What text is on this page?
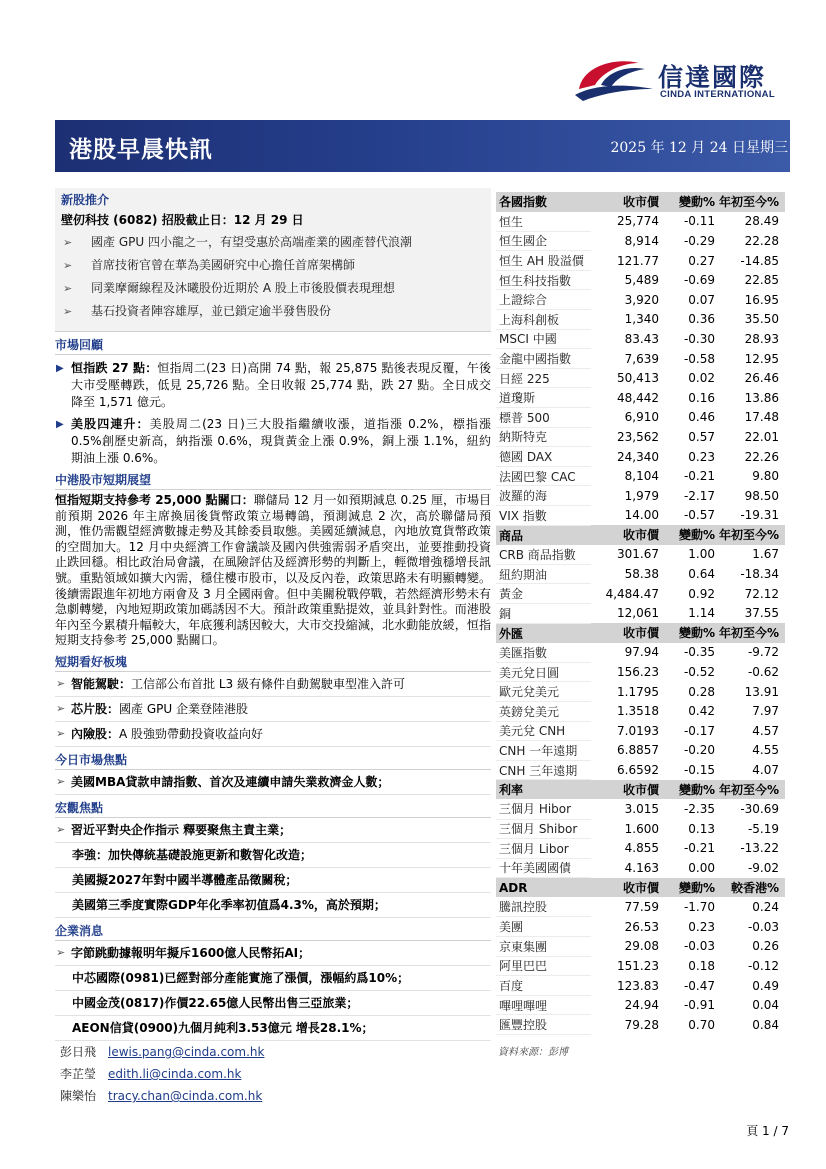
信達國際
CINDA INTERNATIONAL
港股早晨快訊	2025 年 12 月 24 日星期三
新股推介
壁仞科技 (6082) 招股截止日：12 月 29 日
➢ 國產 GPU 四小龍之一，有望受惠於高端產業的國產替代浪潮
➢ 首席技術官曾在華為美國研究中心擔任首席架構師
➢ 同業摩爾線程及沐曦股份近期於 A 股上市後股價表現理想
➢ 基石投資者陣容雄厚，並已鎖定逾半發售股份
市場回顧
▶ 恒指跌 27 點：恒指周二(23 日)高開 74 點，報 25,875 點後表現反覆，午後大市受壓轉跌，低見 25,726 點。全日收報 25,774 點，跌 27 點。全日成交降至 1,571 億元。
▶ 美股四連升：美股周二(23 日)三大股指繼續收漲，道指漲 0.2%，標指漲 0.5%創歷史新高，納指漲 0.6%，現貨黃金上漲 0.9%，銅上漲 1.1%，紐約期油上漲 0.6%。
中港股市短期展望
恒指短期支持參考 25,000 點關口：聯儲局 12 月一如預期減息 0.25 厘，市場目前預期 2026 年主席換屆後貨幣政策立場轉鴿，預測減息 2 次，高於聯儲局預測，惟仍需觀望經濟數據走勢及其餘委員取態。美國延續減息，內地放寬貨幣政策的空間加大。12 月中央經濟工作會議談及國內供強需弱矛盾突出，並要推動投資止跌回穩。相比政治局會議，在風險評估及經濟形勢的判斷上，輕微增強穩增長訊號。重點領域如擴大內需，穩住樓市股市，以及反內卷，政策思路未有明顯轉變。後續需跟進年初地方兩會及 3 月全國兩會。但中美關稅戰停戰，若然經濟形勢未有急劇轉變，內地短期政策加碼誘因不大。預計政策重點提效，並具針對性。而港股年內至今累積升幅較大，年底獲利誘因較大，大市交投縮減，北水動能放緩，恒指短期支持參考 25,000 點關口。
短期看好板塊
➢ 智能駕駛：工信部公布首批 L3 級有條件自動駕駛車型准入許可
➢ 芯片股：國產 GPU 企業登陸港股
➢ 內險股：A 股強勁帶動投資收益向好
今日市場焦點
➢ 美國MBA貸款申請指數、首次及連續申請失業救濟金人數；
宏觀焦點
➢ 習近平對央企作指示 釋要聚焦主責主業；
李強：加快傳統基礎設施更新和數智化改造；
美國擬2027年對中國半導體產品徵關稅；
美國第三季度實際GDP年化季率初值爲4.3%，高於預期；
企業消息
➢ 字節跳動據報明年擬斥1600億人民幣拓AI；
中芯國際(0981)已經對部分產能實施了漲價，漲幅約爲10%；
中國金茂(0817)作價22.65億人民幣出售三亞旅業；
AEON信貸(0900)九個月純利3.53億元 增長28.1%；
彭日飛 lewis.pang@cinda.com.hk
李芷瑩 edith.li@cinda.com.hk
陳樂怡 tracy.chan@cinda.com.hk
各國指數	收市價	變動%	年初至今%
恒生	25,774	-0.11	28.49
恒生國企	8,914	-0.29	22.28
恒生 AH 股溢價	121.77	0.27	-14.85
恒生科技指數	5,489	-0.69	22.85
上證綜合	3,920	0.07	16.95
上海科創板	1,340	0.36	35.50
MSCI 中國	83.43	-0.30	28.93
金龍中國指數	7,639	-0.58	12.95
日經 225	50,413	0.02	26.46
道瓊斯	48,442	0.16	13.86
標普 500	6,910	0.46	17.48
納斯特克	23,562	0.57	22.01
德國 DAX	24,340	0.23	22.26
法國巴黎 CAC	8,104	-0.21	9.80
波羅的海	1,979	-2.17	98.50
VIX 指數	14.00	-0.57	-19.31
商品	收市價	變動%	年初至今%
CRB 商品指數	301.67	1.00	1.67
紐約期油	58.38	0.64	-18.34
黃金	4,484.47	0.92	72.12
銅	12,061	1.14	37.55
外匯	收市價	變動%	年初至今%
美匯指數	97.94	-0.35	-9.72
美元兌日圓	156.23	-0.52	-0.62
歐元兌美元	1.1795	0.28	13.91
英鎊兌美元	1.3518	0.42	7.97
美元兌 CNH	7.0193	-0.17	4.57
CNH 一年遠期	6.8857	-0.20	4.55
CNH 三年遠期	6.6592	-0.15	4.07
利率	收市價	變動%	年初至今%
三個月 Hibor	3.015	-2.35	-30.69
三個月 Shibor	1.600	0.13	-5.19
三個月 Libor	4.855	-0.21	-13.22
十年美國國債	4.163	0.00	-9.02
ADR	收市價	變動%	較香港%
騰訊控股	77.59	-1.70	0.24
美團	26.53	0.23	-0.03
京東集團	29.08	-0.03	0.26
阿里巴巴	151.23	0.18	-0.12
百度	123.83	-0.47	0.49
嗶哩嗶哩	24.94	-0.91	0.04
匯豐控股	79.28	0.70	0.84
資料來源：彭博
頁 1 / 7
